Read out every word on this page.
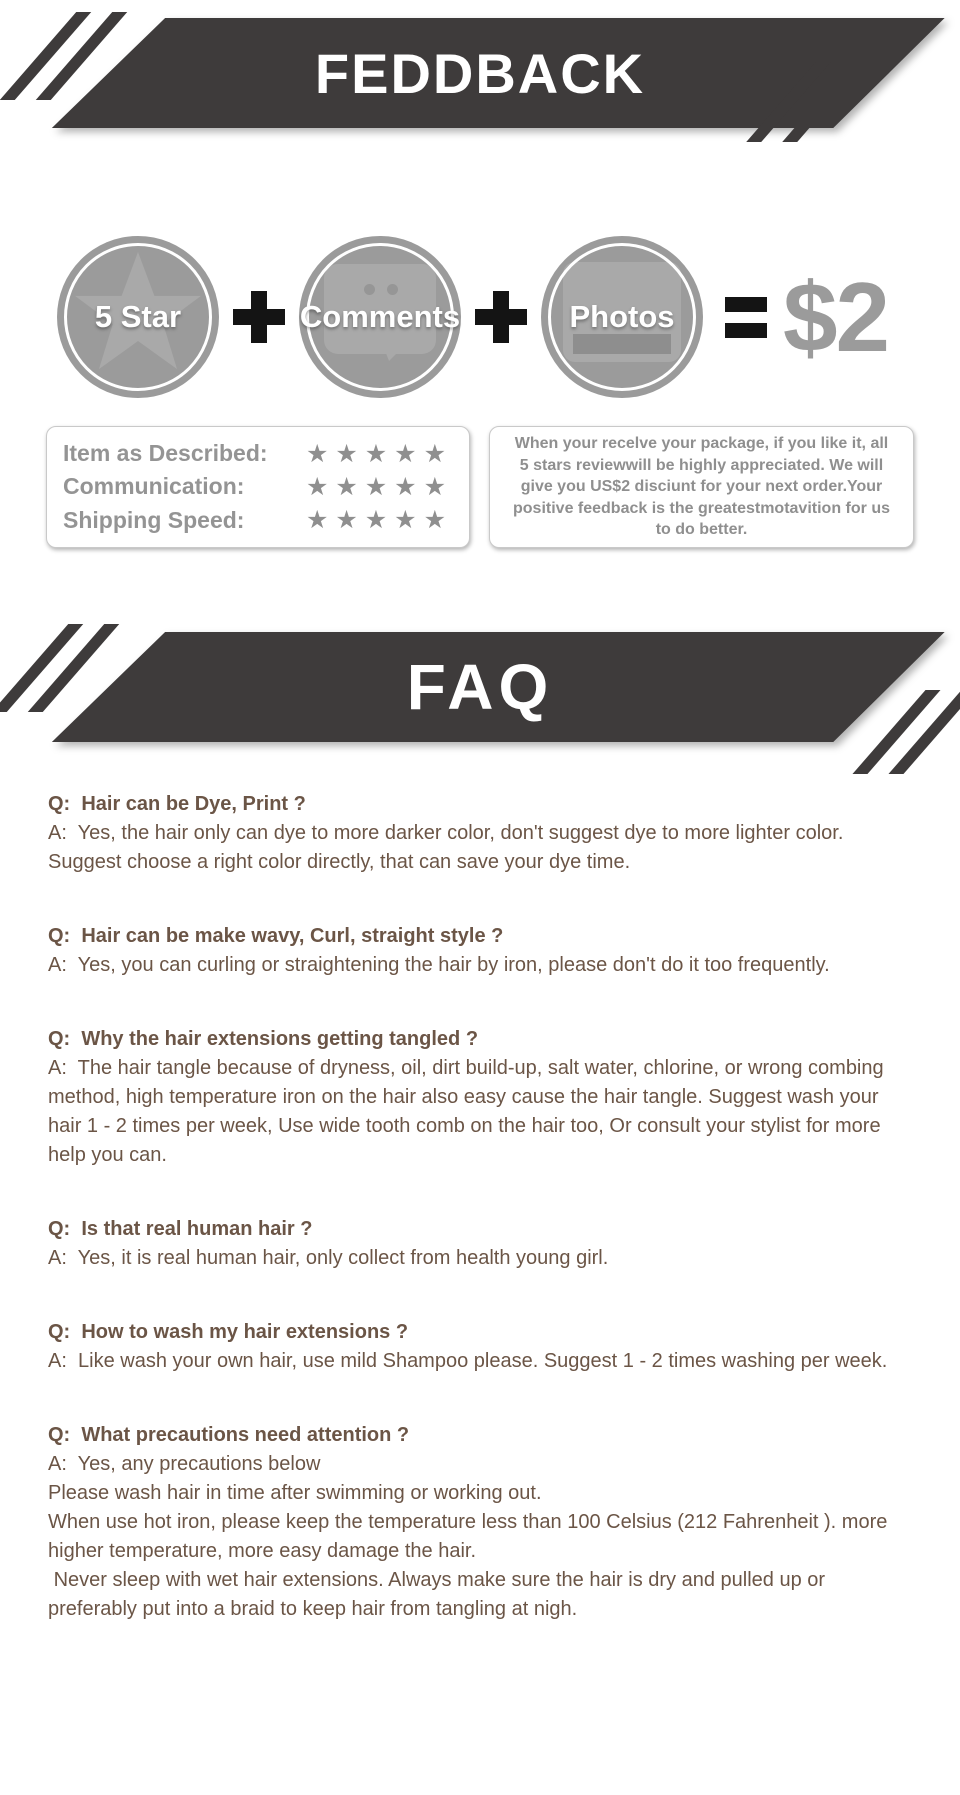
FEDDBACK
5 Star	Comments	Photos $2
Item as Described: ★★★★★
Communication: ★★★★★
Shipping Speed: ★★★★★

When your recelve your package, if you like it, all 5 stars reviewwill be highly appreciated. We will give you US$2 disciunt for your next order.Your positive feedback is the greatestmotavition for us to do better.

FAQ

Q:  Hair can be Dye, Print ?

A:  Yes, the hair only can dye to more darker color, don't suggest dye to more lighter color. Suggest choose a right color directly, that can save your dye time.

Q:  Hair can be make wavy, Curl, straight style ?

A:  Yes, you can curling or straightening the hair by iron, please don't do it too frequently.

Q:  Why the hair extensions getting tangled ?

A:  The hair tangle because of dryness, oil, dirt build-up, salt water, chlorine, or wrong combing method, high temperature iron on the hair also easy cause the hair tangle. Suggest wash your hair 1 - 2 times per week, Use wide tooth comb on the hair too, Or consult your stylist for more help you can.

Q:  Is that real human hair ?

A:  Yes, it is real human hair, only collect from health young girl.

Q:  How to wash my hair extensions ?

A:  Like wash your own hair, use mild Shampoo please. Suggest 1 - 2 times washing per week.

Q:  What precautions need attention ?

A:  Yes, any precautions below

Please wash hair in time after swimming or working out.

When use hot iron, please keep the temperature less than 100 Celsius (212 Fahrenheit ). more higher temperature, more easy damage the hair.

Never sleep with wet hair extensions. Always make sure the hair is dry and pulled up or preferably put into a braid to keep hair from tangling at nigh.
